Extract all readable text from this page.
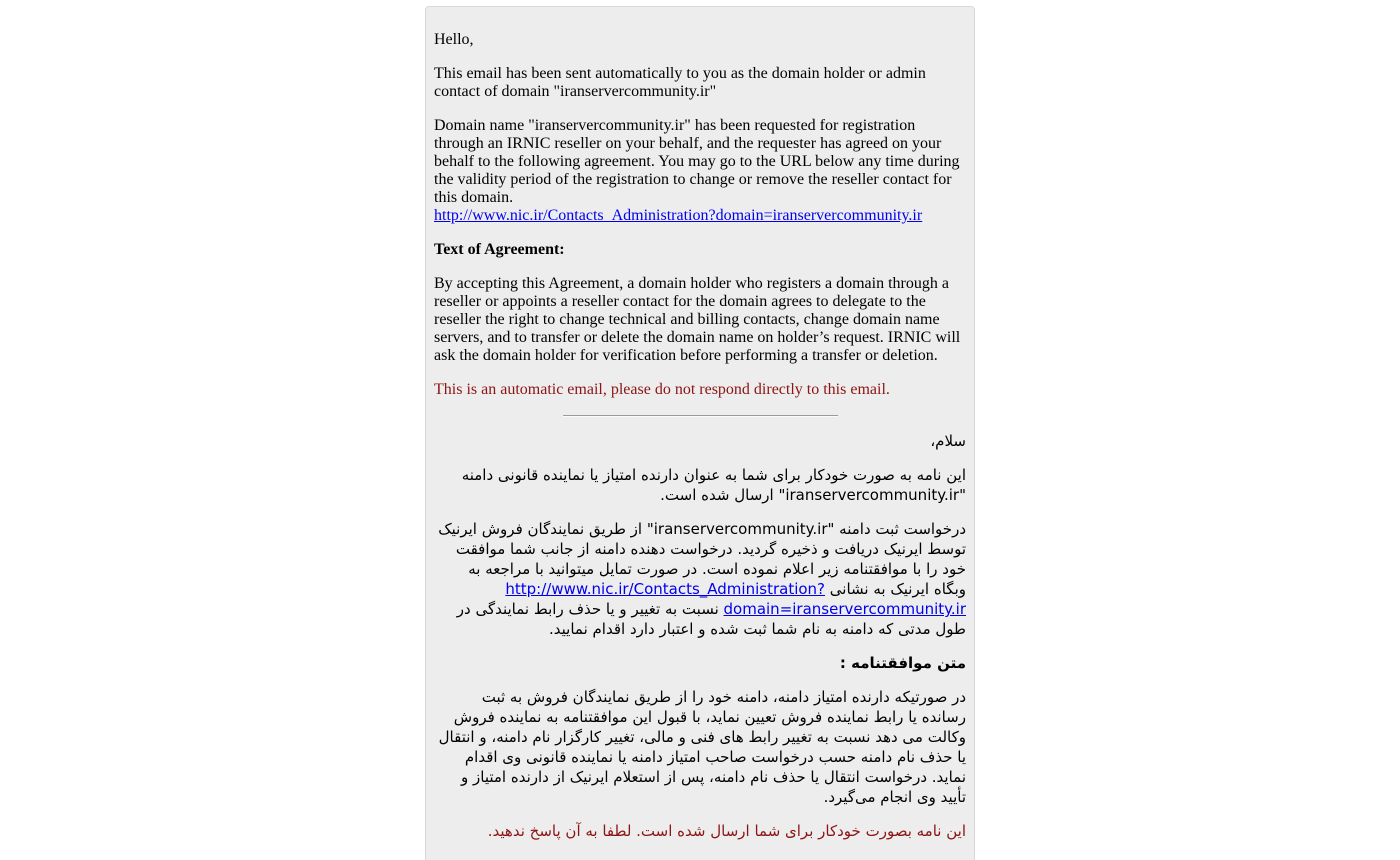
Hello,

This email has been sent automatically to you as the domain holder or admin contact of domain "iranservercommunity.ir"

Domain name "iranservercommunity.ir" has been requested for registration through an IRNIC reseller on your behalf, and the requester has agreed on your behalf to the following agreement. You may go to the URL below any time during the validity period of the registration to change or remove the reseller contact for this domain.
http://www.nic.ir/Contacts_Administration?domain=iranservercommunity.ir

Text of Agreement:

By accepting this Agreement, a domain holder who registers a domain through a reseller or appoints a reseller contact for the domain agrees to delegate to the reseller the right to change technical and billing contacts, change domain name servers, and to transfer or delete the domain name on holder’s request. IRNIC will ask the domain holder for verification before performing a transfer or deletion.

This is an automatic email, please do not respond directly to this email.

سلام،

این نامه به صورت خودکار برای شما به عنوان دارنده امتیاز یا نماینده قانونی دامنه "iranservercommunity.ir" ارسال شده است.

درخواست ثبت دامنه "iranservercommunity.ir" از طریق نمایندگان فروش ایرنیک توسط ایرنیک دریافت و ذخیره گردید. درخواست دهنده دامنه از جانب شما موافقت خود را با موافقتنامه زیر اعلام نموده است. در صورت تمایل میتوانید با مراجعه به وبگاه ایرنیک به نشانی http://www.nic.ir/Contacts_Administration?domain=iranservercommunity.ir نسبت به تغییر و یا حذف رابط نمایندگی در طول مدتی که دامنه به نام شما ثبت شده و اعتبار دارد اقدام نمایید.

متن موافقتنامه :

در صورتیکه دارنده امتیاز دامنه، دامنه خود را از طریق نمایندگان فروش به ثبت رسانده یا رابط نماینده فروش تعیین نماید، با قبول این موافقتنامه به نماینده فروش وکالت می دهد نسبت به تغییر رابط های فنی و مالی، تغییر کارگزار نام دامنه، و انتقال یا حذف نام دامنه حسب درخواست صاحب امتیاز دامنه یا نماینده قانونی وی اقدام نماید. درخواست انتقال یا حذف نام دامنه، پس از استعلام ایرنیک از دارنده امتیاز و تأیید وی انجام می‌گیرد.

این نامه بصورت خودکار برای شما ارسال شده است. لطفا به آن پاسخ ندهید.
